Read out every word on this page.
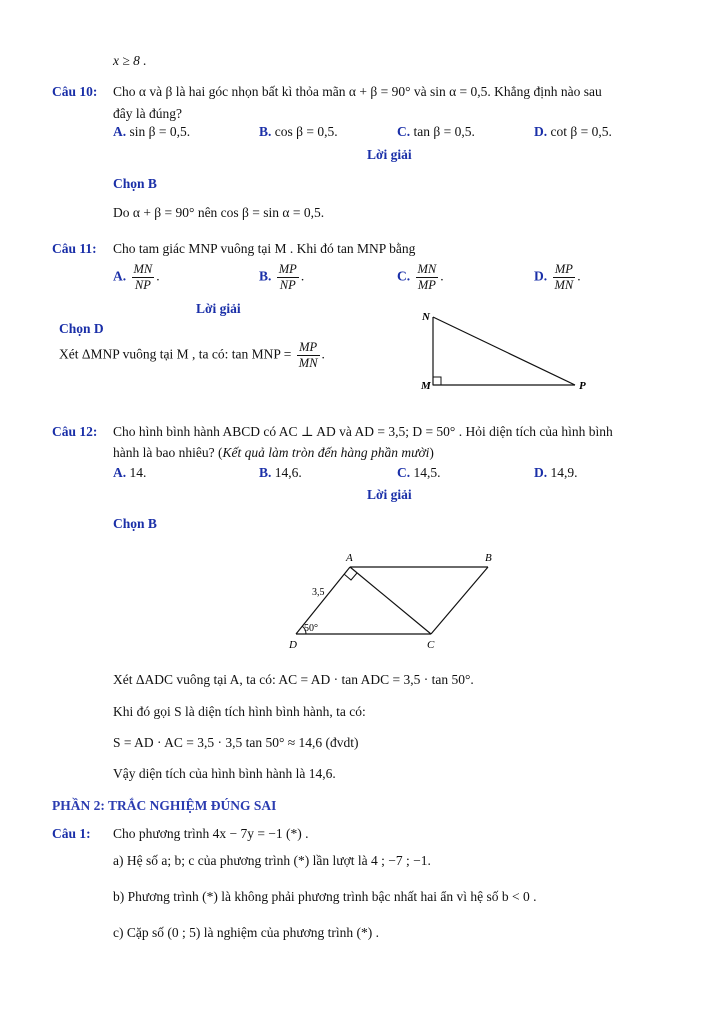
x ≥ 8 .
Câu 10: Cho α và β là hai góc nhọn bất kì thỏa mãn α + β = 90° và sin α = 0,5. Khẳng định nào sau
đây là đúng?
A. sin β = 0,5.	B. cos β = 0,5.	C. tan β = 0,5.	D. cot β = 0,5.
Lời giải
Chọn B
Do α + β = 90° nên cos β = sin α = 0,5.
Câu 11: Cho tam giác MNP vuông tại M . Khi đó tan MNP bằng
A. $\frac{MN}{NP}$ .	B. $\frac{MP}{NP}$ .	C. $\frac{MN}{MP}$ .	D. $\frac{MP}{MN}$ .
Lời giải
Chọn D
Xét ΔMNP vuông tại M , ta có: tan MNP = $\frac{MP}{MN}$ .
N
M	P
Câu 12: Cho hình bình hành ABCD có AC ⊥ AD và AD = 3,5; D = 50° . Hỏi diện tích của hình bình
hành là bao nhiêu? (Kết quả làm tròn đến hàng phần mười)
A. 14.	B. 14,6.	C. 14,5.	D. 14,9.
Lời giải
Chọn B
A	B
C
D
3,5
50°
Xét ΔADC vuông tại A, ta có: AC = AD · tan ADC = 3,5 · tan 50°.
Khi đó gọi S là diện tích hình bình hành, ta có:
S = AD · AC = 3,5 · 3,5 tan 50° ≈ 14,6 (đvdt)
Vậy diện tích của hình bình hành là 14,6.
PHẦN 2: TRẮC NGHIỆM ĐÚNG SAI
Câu 1: Cho phương trình 4x − 7y = −1 (*) .
a) Hệ số a; b; c của phương trình (*) lần lượt là 4 ; −7 ; −1.
b) Phương trình (*) là không phải phương trình bậc nhất hai ẩn vì hệ số b < 0 .
c) Cặp số (0 ; 5) là nghiệm của phương trình (*) .
